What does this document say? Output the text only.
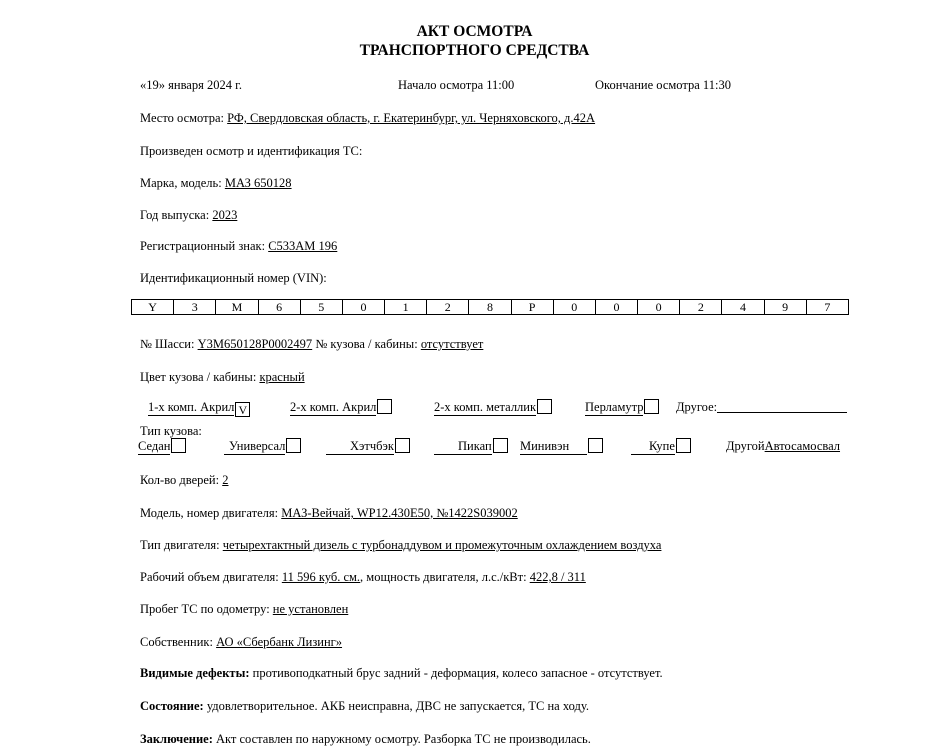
АКТ ОСМОТРА
ТРАНСПОРТНОГО СРЕДСТВА
«19» января 2024 г.	Начало осмотра 11:00	Окончание осмотра 11:30
Место осмотра: РФ, Свердловская область, г. Екатеринбург, ул. Черняховского, д.42А
Произведен осмотр и идентификация ТС:
Марка, модель: МАЗ 650128
Год выпуска: 2023
Регистрационный знак: С533АМ 196
Идентификационный номер (VIN):
Y	3	M	6	5	0	1	2	8	P	0	0	0	2	4	9	7
№ Шасси: Y3M650128P0002497 № кузова / кабины: отсутствует
Цвет кузова / кабины: красный
1-х комп. Акрил V	2-х комп. Акрил	2-х комп. металлик	Перламутр	Другое:
Тип кузова:
Седан	Универсал	Хэтчбэк	Пикап	Минивэн	Купе	ДругойАвтосамосвал
Кол-во дверей: 2
Модель, номер двигателя: МАЗ-Вейчай, WP12.430E50, №1422S039002
Тип двигателя: четырехтактный дизель с турбонаддувом и промежуточным охлаждением воздуха
Рабочий объем двигателя: 11 596 куб. см., мощность двигателя, л.с./кВт: 422,8 / 311
Пробег ТС по одометру: не установлен
Собственник: АО «Сбербанк Лизинг»
Видимые дефекты: противоподкатный брус задний - деформация, колесо запасное - отсутствует.
Состояние: удовлетворительное. АКБ неисправна, ДВС не запускается, ТС на ходу.
Заключение: Акт составлен по наружному осмотру. Разборка ТС не производилась.
